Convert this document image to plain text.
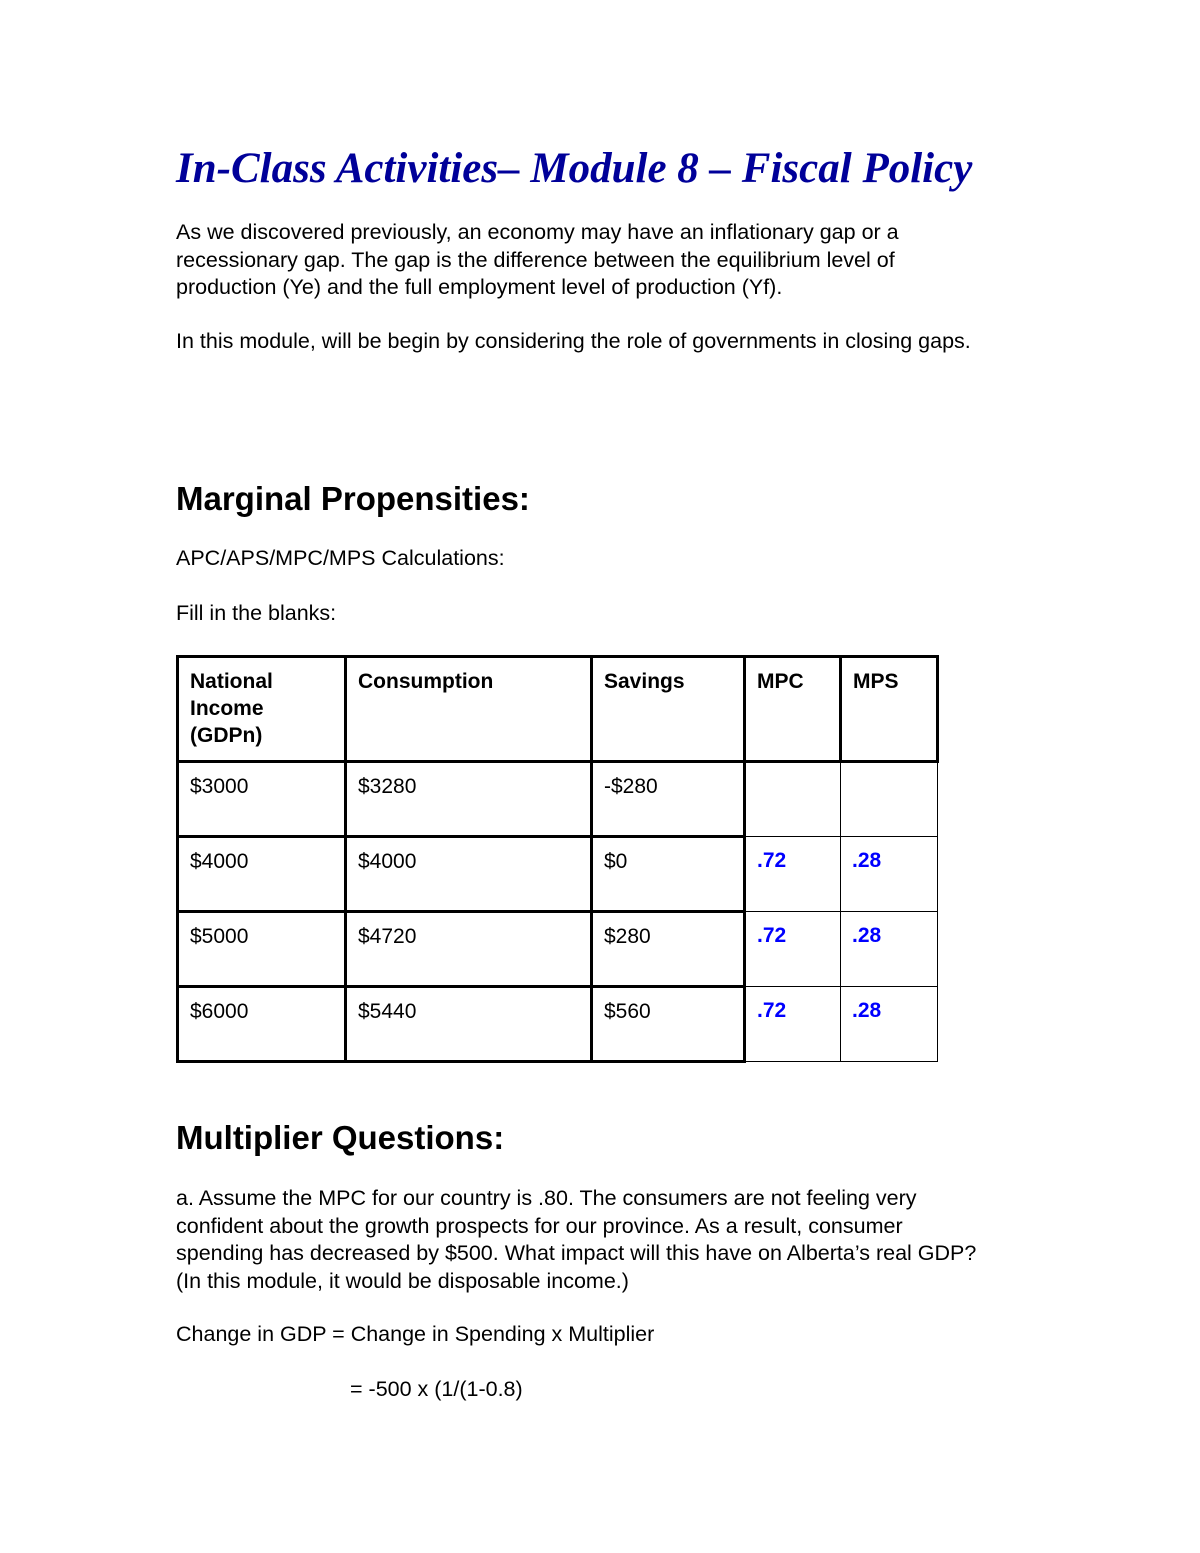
In-Class Activities– Module 8 – Fiscal Policy

As we discovered previously, an economy may have an inflationary gap or a recessionary gap. The gap is the difference between the equilibrium level of production (Ye) and the full employment level of production (Yf).

In this module, will be begin by considering the role of governments in closing gaps.

Marginal Propensities:

APC/APS/MPC/MPS Calculations:

Fill in the blanks:

National Income (GDPn)	Consumption	Savings	MPC	MPS
$3000	$3280	-$280		
$4000	$4000	$0	.72	.28
$5000	$4720	$280	.72	.28
$6000	$5440	$560	.72	.28
Multiplier Questions:

a. Assume the MPC for our country is .80. The consumers are not feeling very confident about the growth prospects for our province. As a result, consumer spending has decreased by $500. What impact will this have on Alberta’s real GDP? (In this module, it would be disposable income.)

Change in GDP = Change in Spending x Multiplier

= -500 x (1/(1-0.8)
